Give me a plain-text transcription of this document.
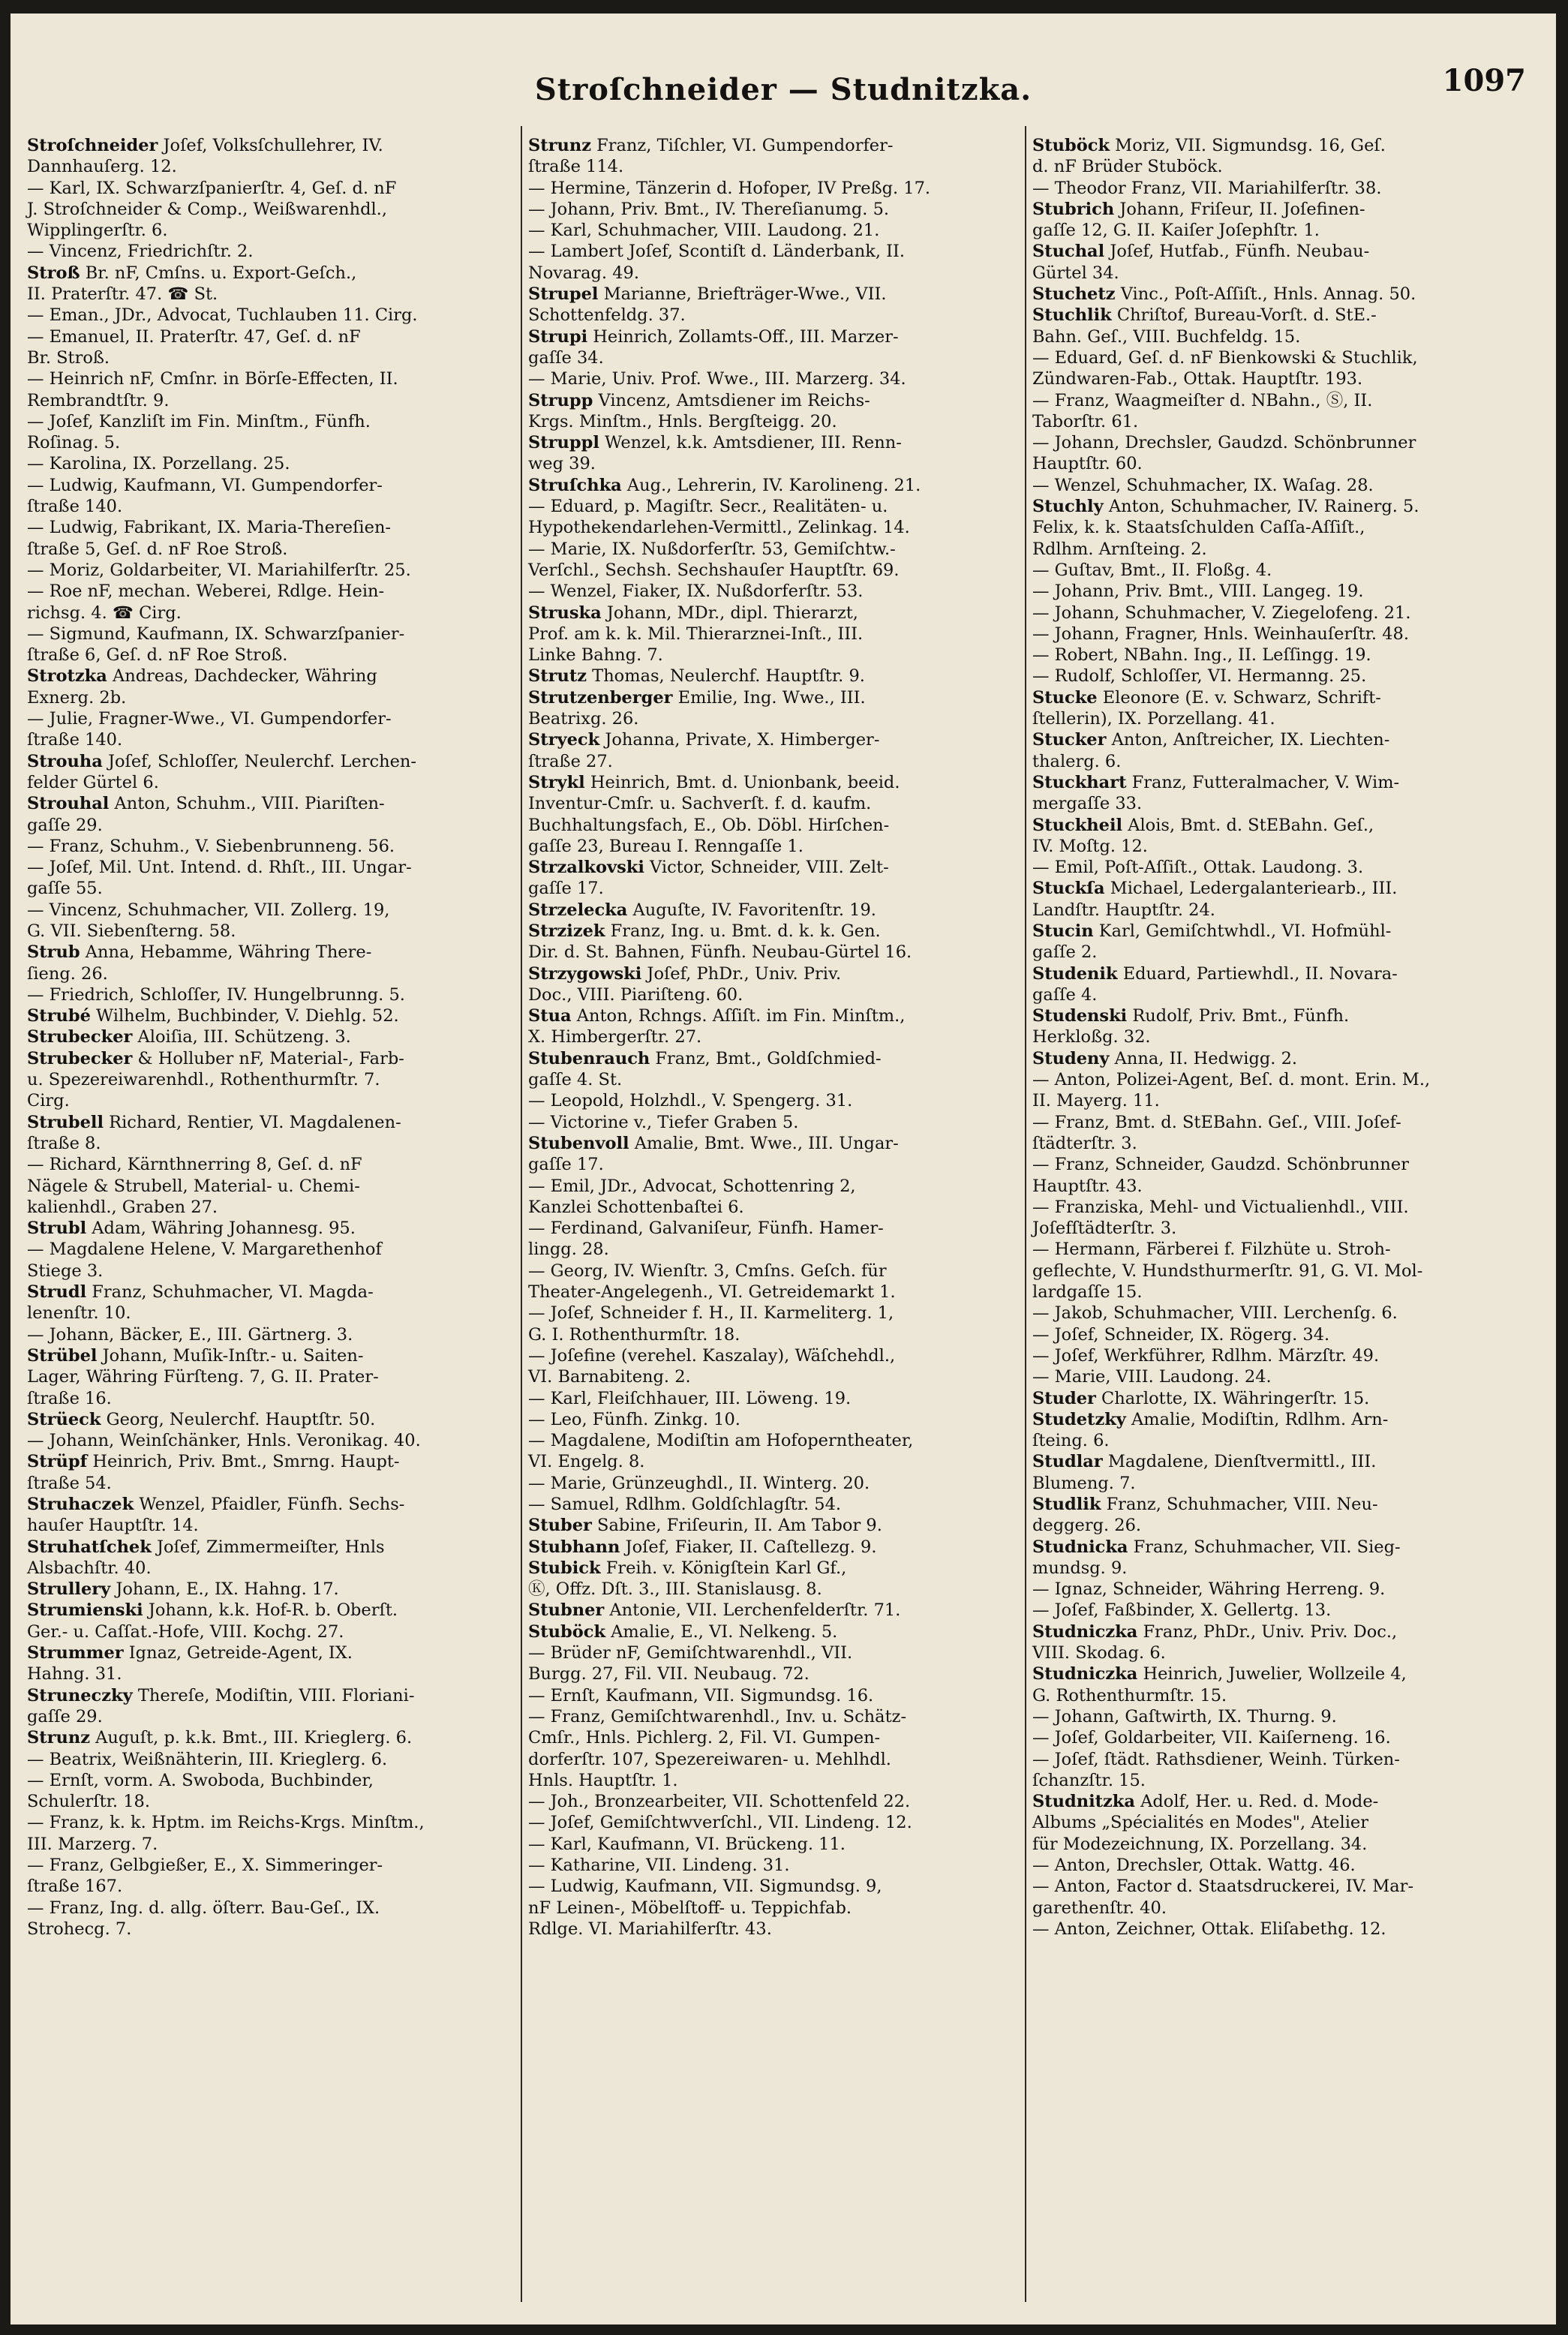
Stroſchneider — Studnitzka.	1097
Stroſchneider Joſef, Volksſchullehrer, IV.
Dannhauſerg. 12.
— Karl, IX. Schwarzſpanierſtr. 4, Geſ. d. nF
J. Stroſchneider & Comp., Weißwarenhdl.,
Wipplingerſtr. 6.
— Vincenz, Friedrichſtr. 2.
Stroß Br. nF, Cmſns. u. Export-Geſch.,
II. Praterſtr. 47. ☎ St.
— Eman., JDr., Advocat, Tuchlauben 11. Cirg.
— Emanuel, II. Praterſtr. 47, Geſ. d. nF
Br. Stroß.
— Heinrich nF, Cmſnr. in Börſe-Effecten, II.
Rembrandtſtr. 9.
— Joſef, Kanzliſt im Fin. Minſtm., Fünfh.
Roſinag. 5.
— Karolina, IX. Porzellang. 25.
— Ludwig, Kaufmann, VI. Gumpendorfer-
ſtraße 140.
— Ludwig, Fabrikant, IX. Maria-Thereſien-
ſtraße 5, Geſ. d. nF Roe Stroß.
— Moriz, Goldarbeiter, VI. Mariahilferſtr. 25.
— Roe nF, mechan. Weberei, Rdlge. Hein-
richsg. 4. ☎ Cirg.
— Sigmund, Kaufmann, IX. Schwarzſpanier-
ſtraße 6, Geſ. d. nF Roe Stroß.
Strotzka Andreas, Dachdecker, Währing
Exnerg. 2b.
— Julie, Fragner-Wwe., VI. Gumpendorfer-
ſtraße 140.
Strouha Joſef, Schloſſer, Neulerchf. Lerchen-
felder Gürtel 6.
Strouhal Anton, Schuhm., VIII. Piariſten-
gaſſe 29.
— Franz, Schuhm., V. Siebenbrunneng. 56.
— Joſef, Mil. Unt. Intend. d. Rhſt., III. Ungar-
gaſſe 55.
— Vincenz, Schuhmacher, VII. Zollerg. 19,
G. VII. Siebenſterng. 58.
Strub Anna, Hebamme, Währing There-
ſieng. 26.
— Friedrich, Schloſſer, IV. Hungelbrunng. 5.
Strubé Wilhelm, Buchbinder, V. Diehlg. 52.
Strubecker Aloiſia, III. Schützeng. 3.
Strubecker & Holluber nF, Material-, Farb-
u. Spezereiwarenhdl., Rothenthurmſtr. 7.
Cirg.
Strubell Richard, Rentier, VI. Magdalenen-
ſtraße 8.
— Richard, Kärnthnerring 8, Geſ. d. nF
Nägele & Strubell, Material- u. Chemi-
kalienhdl., Graben 27.
Strubl Adam, Währing Johannesg. 95.
— Magdalene Helene, V. Margarethenhof
Stiege 3.
Strudl Franz, Schuhmacher, VI. Magda-
lenenſtr. 10.
— Johann, Bäcker, E., III. Gärtnerg. 3.
Strübel Johann, Muſik-Inſtr.- u. Saiten-
Lager, Währing Fürſteng. 7, G. II. Prater-
ſtraße 16.
Strüeck Georg, Neulerchf. Hauptſtr. 50.
— Johann, Weinſchänker, Hnls. Veronikag. 40.
Strüpf Heinrich, Priv. Bmt., Smrng. Haupt-
ſtraße 54.
Struhaczek Wenzel, Pfaidler, Fünfh. Sechs-
hauſer Hauptſtr. 14.
Struhatſchek Joſef, Zimmermeiſter, Hnls
Alsbachſtr. 40.
Strullery Johann, E., IX. Hahng. 17.
Strumienski Johann, k.k. Hof-R. b. Oberſt.
Ger.- u. Caſſat.-Hofe, VIII. Kochg. 27.
Strummer Ignaz, Getreide-Agent, IX.
Hahng. 31.
Struneczky Thereſe, Modiſtin, VIII. Floriani-
gaſſe 29.
Strunz Auguſt, p. k.k. Bmt., III. Krieglerg. 6.
— Beatrix, Weißnähterin, III. Krieglerg. 6.
— Ernſt, vorm. A. Swoboda, Buchbinder,
Schulerſtr. 18.
— Franz, k. k. Hptm. im Reichs-Krgs. Minſtm.,
III. Marzerg. 7.
— Franz, Gelbgießer, E., X. Simmeringer-
ſtraße 167.
— Franz, Ing. d. allg. öſterr. Bau-Geſ., IX.
Strohecg. 7.
Strunz Franz, Tiſchler, VI. Gumpendorfer-
ſtraße 114.
— Hermine, Tänzerin d. Hofoper, IV Preßg. 17.
— Johann, Priv. Bmt., IV. Thereſianumg. 5.
— Karl, Schuhmacher, VIII. Laudong. 21.
— Lambert Joſef, Scontiſt d. Länderbank, II.
Novarag. 49.
Strupel Marianne, Briefträger-Wwe., VII.
Schottenfeldg. 37.
Strupi Heinrich, Zollamts-Off., III. Marzer-
gaſſe 34.
— Marie, Univ. Prof. Wwe., III. Marzerg. 34.
Strupp Vincenz, Amtsdiener im Reichs-
Krgs. Minſtm., Hnls. Bergſteigg. 20.
Struppl Wenzel, k.k. Amtsdiener, III. Renn-
weg 39.
Struſchka Aug., Lehrerin, IV. Karolineng. 21.
— Eduard, p. Magiſtr. Secr., Realitäten- u.
Hypothekendarlehen-Vermittl., Zelinkag. 14.
— Marie, IX. Nußdorferſtr. 53, Gemiſchtw.-
Verſchl., Sechsh. Sechshauſer Hauptſtr. 69.
— Wenzel, Fiaker, IX. Nußdorferſtr. 53.
Struska Johann, MDr., dipl. Thierarzt,
Prof. am k. k. Mil. Thierarznei-Inſt., III.
Linke Bahng. 7.
Strutz Thomas, Neulerchf. Hauptſtr. 9.
Strutzenberger Emilie, Ing. Wwe., III.
Beatrixg. 26.
Stryeck Johanna, Private, X. Himberger-
ſtraße 27.
Strykl Heinrich, Bmt. d. Unionbank, beeid.
Inventur-Cmſr. u. Sachverſt. f. d. kaufm.
Buchhaltungsfach, E., Ob. Döbl. Hirſchen-
gaſſe 23, Bureau I. Renngaſſe 1.
Strzalkovski Victor, Schneider, VIII. Zelt-
gaſſe 17.
Strzelecka Auguſte, IV. Favoritenſtr. 19.
Strzizek Franz, Ing. u. Bmt. d. k. k. Gen.
Dir. d. St. Bahnen, Fünfh. Neubau-Gürtel 16.
Strzygowski Joſef, PhDr., Univ. Priv.
Doc., VIII. Piariſteng. 60.
Stua Anton, Rchngs. Aſſiſt. im Fin. Minſtm.,
X. Himbergerſtr. 27.
Stubenrauch Franz, Bmt., Goldſchmied-
gaſſe 4. St.
— Leopold, Holzhdl., V. Spengerg. 31.
— Victorine v., Tiefer Graben 5.
Stubenvoll Amalie, Bmt. Wwe., III. Ungar-
gaſſe 17.
— Emil, JDr., Advocat, Schottenring 2,
Kanzlei Schottenbaſtei 6.
— Ferdinand, Galvaniſeur, Fünfh. Hamer-
lingg. 28.
— Georg, IV. Wienſtr. 3, Cmſns. Geſch. für
Theater-Angelegenh., VI. Getreidemarkt 1.
— Joſef, Schneider f. H., II. Karmeliterg. 1,
G. I. Rothenthurmſtr. 18.
— Joſefine (verehel. Kaszalay), Wäſchehdl.,
VI. Barnabiteng. 2.
— Karl, Fleiſchhauer, III. Löweng. 19.
— Leo, Fünfh. Zinkg. 10.
— Magdalene, Modiſtin am Hofoperntheater,
VI. Engelg. 8.
— Marie, Grünzeughdl., II. Winterg. 20.
— Samuel, Rdlhm. Goldſchlagſtr. 54.
Stuber Sabine, Friſeurin, II. Am Tabor 9.
Stubhann Joſef, Fiaker, II. Caſtellezg. 9.
Stubick Freih. v. Königſtein Karl Gf.,
Ⓚ, Offz. Dſt. 3., III. Stanislausg. 8.
Stubner Antonie, VII. Lerchenfelderſtr. 71.
Stuböck Amalie, E., VI. Nelkeng. 5.
— Brüder nF, Gemiſchtwarenhdl., VII.
Burgg. 27, Fil. VII. Neubaug. 72.
— Ernſt, Kaufmann, VII. Sigmundsg. 16.
— Franz, Gemiſchtwarenhdl., Inv. u. Schätz-
Cmſr., Hnls. Pichlerg. 2, Fil. VI. Gumpen-
dorferſtr. 107, Spezereiwaren- u. Mehlhdl.
Hnls. Hauptſtr. 1.
— Joh., Bronzearbeiter, VII. Schottenfeld 22.
— Joſef, Gemiſchtwverſchl., VII. Lindeng. 12.
— Karl, Kaufmann, VI. Brückeng. 11.
— Katharine, VII. Lindeng. 31.
— Ludwig, Kaufmann, VII. Sigmundsg. 9,
nF Leinen-, Möbelſtoff- u. Teppichfab.
Rdlge. VI. Mariahilferſtr. 43.
Stuböck Moriz, VII. Sigmundsg. 16, Geſ.
d. nF Brüder Stuböck.
— Theodor Franz, VII. Mariahilferſtr. 38.
Stubrich Johann, Friſeur, II. Joſefinen-
gaſſe 12, G. II. Kaiſer Joſephſtr. 1.
Stuchal Joſef, Hutfab., Fünfh. Neubau-
Gürtel 34.
Stuchetz Vinc., Poſt-Aſſiſt., Hnls. Annag. 50.
Stuchlik Chriſtof, Bureau-Vorſt. d. StE.-
Bahn. Geſ., VIII. Buchfeldg. 15.
— Eduard, Geſ. d. nF Bienkowski & Stuchlik,
Zündwaren-Fab., Ottak. Hauptſtr. 193.
— Franz, Waagmeiſter d. NBahn., Ⓢ, II.
Taborſtr. 61.
— Johann, Drechsler, Gaudzd. Schönbrunner
Hauptſtr. 60.
— Wenzel, Schuhmacher, IX. Waſag. 28.
Stuchly Anton, Schuhmacher, IV. Rainerg. 5.
Felix, k. k. Staatsſchulden Caſſa-Aſſiſt.,
Rdlhm. Arnſteing. 2.
— Guſtav, Bmt., II. Floßg. 4.
— Johann, Priv. Bmt., VIII. Langeg. 19.
— Johann, Schuhmacher, V. Ziegelofeng. 21.
— Johann, Fragner, Hnls. Weinhauſerſtr. 48.
— Robert, NBahn. Ing., II. Leſſingg. 19.
— Rudolf, Schloſſer, VI. Hermanng. 25.
Stucke Eleonore (E. v. Schwarz, Schrift-
ſtellerin), IX. Porzellang. 41.
Stucker Anton, Anſtreicher, IX. Liechten-
thalerg. 6.
Stuckhart Franz, Futteralmacher, V. Wim-
mergaſſe 33.
Stuckheil Alois, Bmt. d. StEBahn. Geſ.,
IV. Moſtg. 12.
— Emil, Poſt-Aſſiſt., Ottak. Laudong. 3.
Stuckſa Michael, Ledergalanteriearb., III.
Landſtr. Hauptſtr. 24.
Stucin Karl, Gemiſchtwhdl., VI. Hofmühl-
gaſſe 2.
Studenik Eduard, Partiewhdl., II. Novara-
gaſſe 4.
Studenski Rudolf, Priv. Bmt., Fünfh.
Herkloßg. 32.
Studeny Anna, II. Hedwigg. 2.
— Anton, Polizei-Agent, Beſ. d. mont. Erin. M.,
II. Mayerg. 11.
— Franz, Bmt. d. StEBahn. Geſ., VIII. Joſef-
ſtädterſtr. 3.
— Franz, Schneider, Gaudzd. Schönbrunner
Hauptſtr. 43.
— Franziska, Mehl- und Victualienhdl., VIII.
Joſefſtädterſtr. 3.
— Hermann, Färberei f. Filzhüte u. Stroh-
geflechte, V. Hundsthurmerſtr. 91, G. VI. Mol-
lardgaſſe 15.
— Jakob, Schuhmacher, VIII. Lerchenſg. 6.
— Joſef, Schneider, IX. Rögerg. 34.
— Joſef, Werkführer, Rdlhm. Märzſtr. 49.
— Marie, VIII. Laudong. 24.
Studer Charlotte, IX. Währingerſtr. 15.
Studetzky Amalie, Modiſtin, Rdlhm. Arn-
ſteing. 6.
Studlar Magdalene, Dienſtvermittl., III.
Blumeng. 7.
Studlik Franz, Schuhmacher, VIII. Neu-
deggerg. 26.
Studnicka Franz, Schuhmacher, VII. Sieg-
mundsg. 9.
— Ignaz, Schneider, Währing Herreng. 9.
— Joſef, Faßbinder, X. Gellertg. 13.
Studniczka Franz, PhDr., Univ. Priv. Doc.,
VIII. Skodag. 6.
Studniczka Heinrich, Juwelier, Wollzeile 4,
G. Rothenthurmſtr. 15.
— Johann, Gaſtwirth, IX. Thurng. 9.
— Joſef, Goldarbeiter, VII. Kaiſerneng. 16.
— Joſef, ſtädt. Rathsdiener, Weinh. Türken-
ſchanzſtr. 15.
Studnitzka Adolf, Her. u. Red. d. Mode-
Albums „Spécialités en Modes", Atelier
für Modezeichnung, IX. Porzellang. 34.
— Anton, Drechsler, Ottak. Wattg. 46.
— Anton, Factor d. Staatsdruckerei, IV. Mar-
garethenſtr. 40.
— Anton, Zeichner, Ottak. Eliſabethg. 12.
